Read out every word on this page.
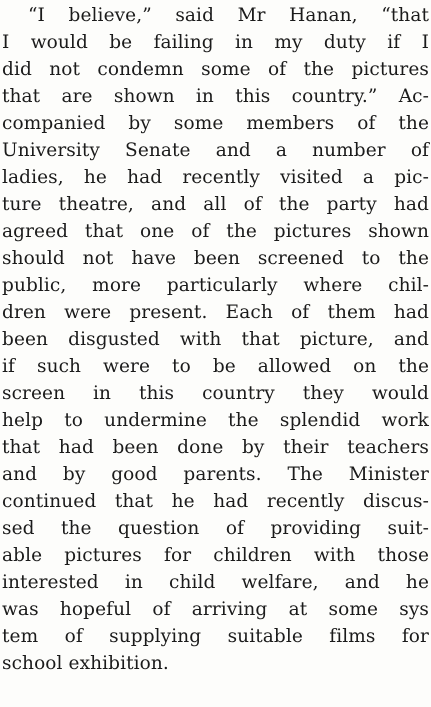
“I believe,” said Mr Hanan, “that
I would be failing in my duty if I
did not condemn some of the pictures
that are shown in this country.” Ac-
companied by some members of the
University Senate and a number of
ladies, he had recently visited a pic-
ture theatre, and all of the party had
agreed that one of the pictures shown
should not have been screened to the
public, more particularly where chil-
dren were present. Each of them had
been disgusted with that picture, and
if such were to be allowed on the
screen in this country they would
help to undermine the splendid work
that had been done by their teachers
and by good parents. The Minister
continued that he had recently discus-
sed the question of providing suit-
able pictures for children with those
interested in child welfare, and he
was hopeful of arriving at some sys
tem of supplying suitable films for
school exhibition.
